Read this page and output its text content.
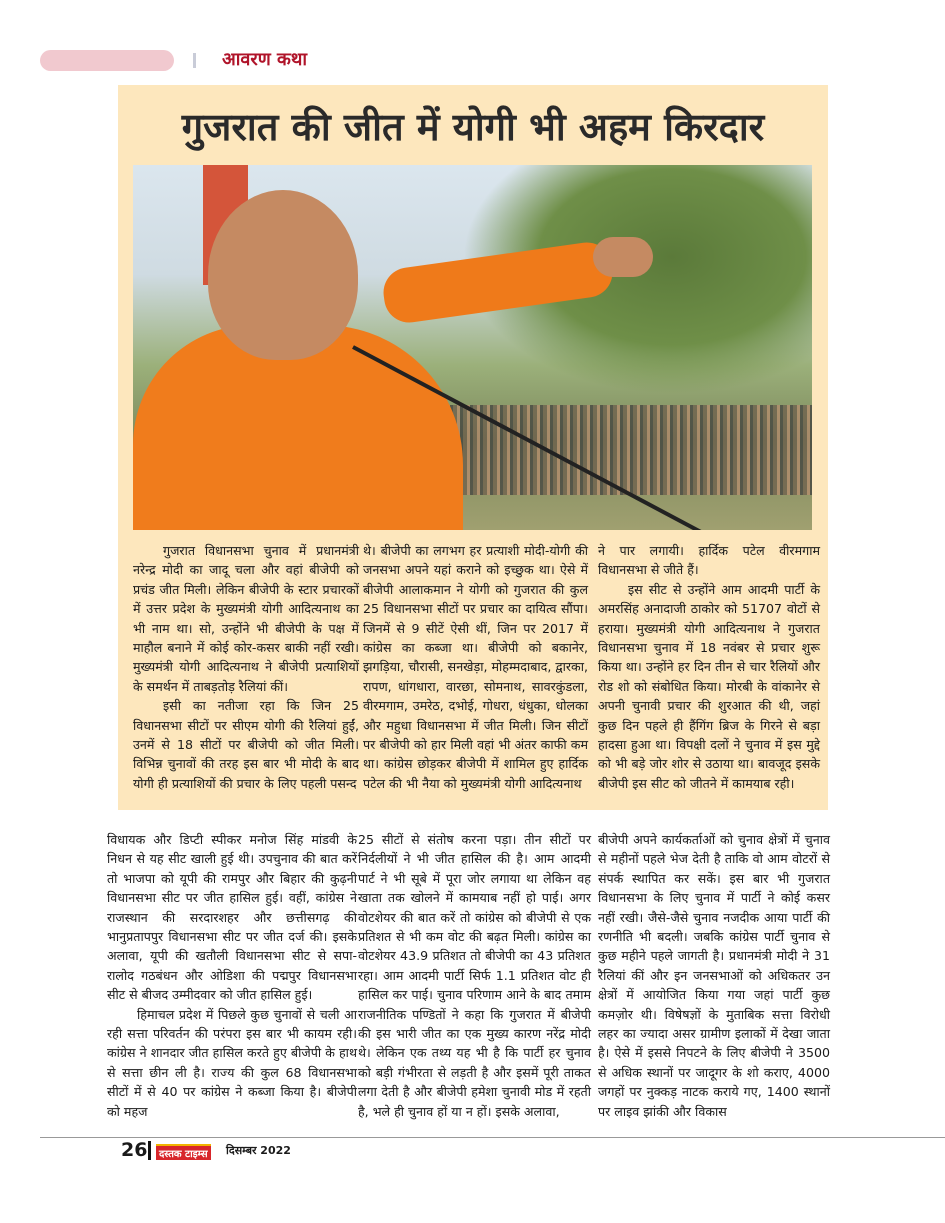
आवरण कथा
गुजरात की जीत में योगी भी अहम किरदार

गुजरात विधानसभा चुनाव में प्रधानमंत्री नरेन्द्र मोदी का जादू चला और वहां बीजेपी को प्रचंड जीत मिली। लेकिन बीजेपी के स्टार प्रचारकों में उत्तर प्रदेश के मुख्यमंत्री योगी आदित्यनाथ का भी नाम था। सो, उन्होंने भी बीजेपी के पक्ष में माहौल बनाने में कोई कोर-कसर बाकी नहीं रखी। मुख्यमंत्री योगी आदित्यनाथ ने बीजेपी प्रत्याशियों के समर्थन में ताबड़तोड़ रैलियां कीं।

इसी का नतीजा रहा कि जिन 25 विधानसभा सीटों पर सीएम योगी की रैलियां हुईं, उनमें से 18 सीटों पर बीजेपी को जीत मिली। विभिन्न चुनावों की तरह इस बार भी मोदी के बाद योगी ही प्रत्याशियों की प्रचार के लिए पहली पसन्द

थे। बीजेपी का लगभग हर प्रत्याशी मोदी-योगी की जनसभा अपने यहां कराने को इच्छुक था। ऐसे में बीजेपी आलाकमान ने योगी को गुजरात की कुल 25 विधानसभा सीटों पर प्रचार का दायित्व सौंपा। जिनमें से 9 सीटें ऐसी थीं, जिन पर 2017 में कांग्रेस का कब्जा था। बीजेपी को बकानेर, झगड़िया, चौरासी, सनखेड़ा, मोहम्मदाबाद, द्वारका, रापण, धांगधारा, वारछा, सोमनाथ, सावरकुंडला, वीरमगाम, उमरेठ, दभोई, गोधरा, धंधुका, धोलका और महुधा विधानसभा में जीत मिली। जिन सीटों पर बीजेपी को हार मिली वहां भी अंतर काफी कम था। कांग्रेस छोड़कर बीजेपी में शामिल हुए हार्दिक पटेल की भी नैया को मुख्यमंत्री योगी आदित्यनाथ

ने पार लगायी। हार्दिक पटेल वीरमगाम विधानसभा से जीते हैं।

इस सीट से उन्होंने आम आदमी पार्टी के अमरसिंह अनादाजी ठाकोर को 51707 वोटों से हराया। मुख्यमंत्री योगी आदित्यनाथ ने गुजरात विधानसभा चुनाव में 18 नवंबर से प्रचार शुरू किया था। उन्होंने हर दिन तीन से चार रैलियों और रोड शो को संबोधित किया। मोरबी के वांकानेर से अपनी चुनावी प्रचार की शुरआत की थी, जहां कुछ दिन पहले ही हैंगिंग ब्रिज के गिरने से बड़ा हादसा हुआ था। विपक्षी दलों ने चुनाव में इस मुद्दे को भी बड़े जोर शोर से उठाया था। बावजूद इसके बीजेपी इस सीट को जीतने में कामयाब रही।

विधायक और डिप्टी स्पीकर मनोज सिंह मांडवी के निधन से यह सीट खाली हुई थी। उपचुनाव की बात करें तो भाजपा को यूपी की रामपुर और बिहार की कुढ़नी विधानसभा सीट पर जीत हासिल हुई। वहीं, कांग्रेस ने राजस्थान की सरदारशहर और छत्तीसगढ़ की भानुप्रतापपुर विधानसभा सीट पर जीत दर्ज की। इसके अलावा, यूपी की खतौली विधानसभा सीट से सपा-रालोद गठबंधन और ओडिशा की पद्मपुर विधानसभा सीट से बीजद उम्मीदवार को जीत हासिल हुई।

हिमाचल प्रदेश में पिछले कुछ चुनावों से चली आ रही सत्ता परिवर्तन की परंपरा इस बार भी कायम रही। कांग्रेस ने शानदार जीत हासिल करते हुए बीजेपी के हाथ से सत्ता छीन ली है। राज्य की कुल 68 विधानसभा सीटों में से 40 पर कांग्रेस ने कब्जा किया है। बीजेपी को महज

25 सीटों से संतोष करना पड़ा। तीन सीटों पर निर्दलीयों ने भी जीत हासिल की है। आम आदमी पार्ट ने भी सूबे में पूरा जोर लगाया था लेकिन वह खाता तक खोलने में कामयाब नहीं हो पाई। अगर वोटशेयर की बात करें तो कांग्रेस को बीजेपी से एक प्रतिशत से भी कम वोट की बढ़त मिली। कांग्रेस का वोटशेयर 43.9 प्रतिशत तो बीजेपी का 43 प्रतिशत रहा। आम आदमी पार्टी सिर्फ 1.1 प्रतिशत वोट ही हासिल कर पाई। चुनाव परिणाम आने के बाद तमाम राजनीतिक पण्डितों ने कहा कि गुजरात में बीजेपी की इस भारी जीत का एक मुख्य कारण नरेंद्र मोदी थे। लेकिन एक तथ्य यह भी है कि पार्टी हर चुनाव को बड़ी गंभीरता से लड़ती है और इसमें पूरी ताकत लगा देती है और बीजेपी हमेशा चुनावी मोड में रहती है, भले ही चुनाव हों या न हों। इसके अलावा,

बीजेपी अपने कार्यकर्ताओं को चुनाव क्षेत्रों में चुनाव से महीनों पहले भेज देती है ताकि वो आम वोटरों से संपर्क स्थापित कर सकें। इस बार भी गुजरात विधानसभा के लिए चुनाव में पार्टी ने कोई कसर नहीं रखी। जैसे-जैसे चुनाव नजदीक आया पार्टी की रणनीति भी बदली। जबकि कांग्रेस पार्टी चुनाव से कुछ महीने पहले जागती है। प्रधानमंत्री मोदी ने 31 रैलियां कीं और इन जनसभाओं को अधिकतर उन क्षेत्रों में आयोजित किया गया जहां पार्टी कुछ कमज़ोर थी। विषेषज्ञों के मुताबिक सत्ता विरोधी लहर का ज्यादा असर ग्रामीण इलाकों में देखा जाता है। ऐसे में इससे निपटने के लिए बीजेपी ने 3500 से अधिक स्थानों पर जादूगर के शो कराए, 4000 जगहों पर नुक्कड़ नाटक कराये गए, 1400 स्थानों पर लाइव झांकी और विकास

26	दस्तक टाइम्स दिसम्बर 2022
